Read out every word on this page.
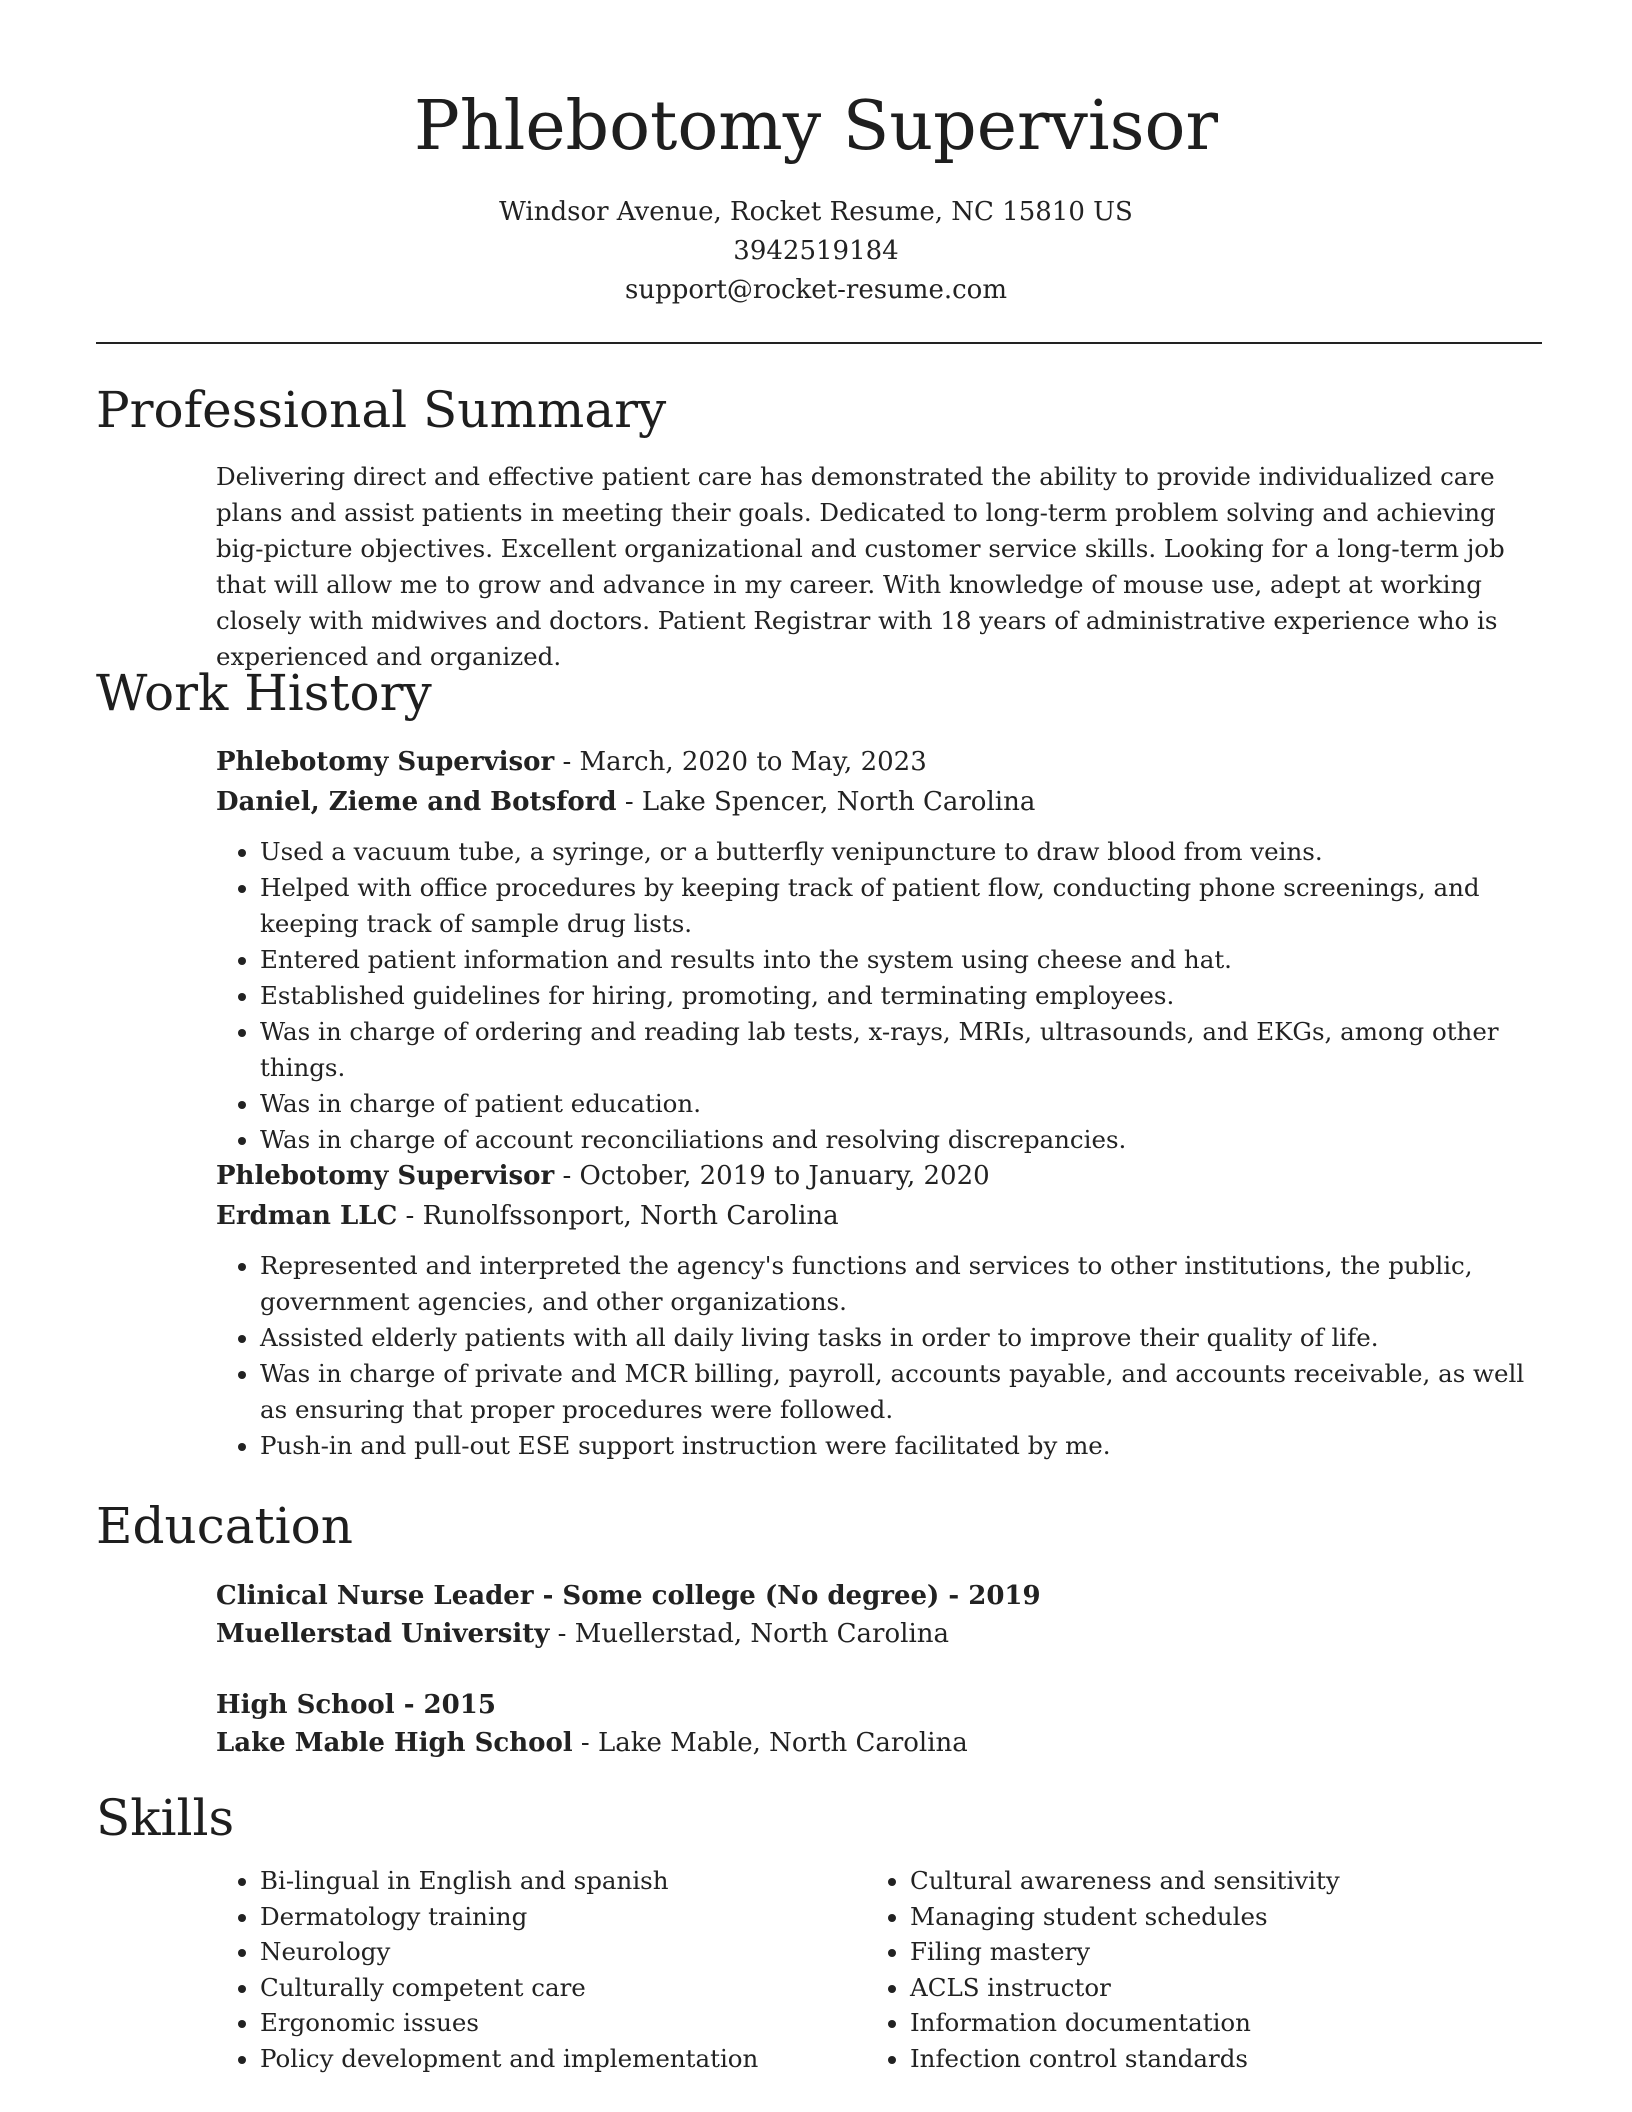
Phlebotomy Supervisor
Windsor Avenue, Rocket Resume, NC 15810 US
3942519184
support@rocket-resume.com
Professional Summary

Delivering direct and effective patient care has demonstrated the ability to provide individualized care plans and assist patients in meeting their goals. Dedicated to long-term problem solving and achieving big-picture objectives. Excellent organizational and customer service skills. Looking for a long-term job that will allow me to grow and advance in my career. With knowledge of mouse use, adept at working closely with midwives and doctors. Patient Registrar with 18 years of administrative experience who is experienced and organized.

Work History
Phlebotomy Supervisor - March, 2020 to May, 2023
Daniel, Zieme and Botsford - Lake Spencer, North Carolina
• Used a vacuum tube, a syringe, or a butterfly venipuncture to draw blood from veins.
• Helped with office procedures by keeping track of patient flow, conducting phone screenings, and keeping track of sample drug lists.
• Entered patient information and results into the system using cheese and hat.
• Established guidelines for hiring, promoting, and terminating employees.
• Was in charge of ordering and reading lab tests, x-rays, MRIs, ultrasounds, and EKGs, among other things.
• Was in charge of patient education.
• Was in charge of account reconciliations and resolving discrepancies.
Phlebotomy Supervisor - October, 2019 to January, 2020
Erdman LLC - Runolfssonport, North Carolina
• Represented and interpreted the agency's functions and services to other institutions, the public, government agencies, and other organizations.
• Assisted elderly patients with all daily living tasks in order to improve their quality of life.
• Was in charge of private and MCR billing, payroll, accounts payable, and accounts receivable, as well as ensuring that proper procedures were followed.
• Push-in and pull-out ESE support instruction were facilitated by me.
Education
Clinical Nurse Leader - Some college (No degree) - 2019
Muellerstad University - Muellerstad, North Carolina
High School - 2015
Lake Mable High School - Lake Mable, North Carolina
Skills
• Bi-lingual in English and spanish
• Dermatology training
• Neurology
• Culturally competent care
• Ergonomic issues
• Policy development and implementation
• Cultural awareness and sensitivity
• Managing student schedules
• Filing mastery
• ACLS instructor
• Information documentation
• Infection control standards
